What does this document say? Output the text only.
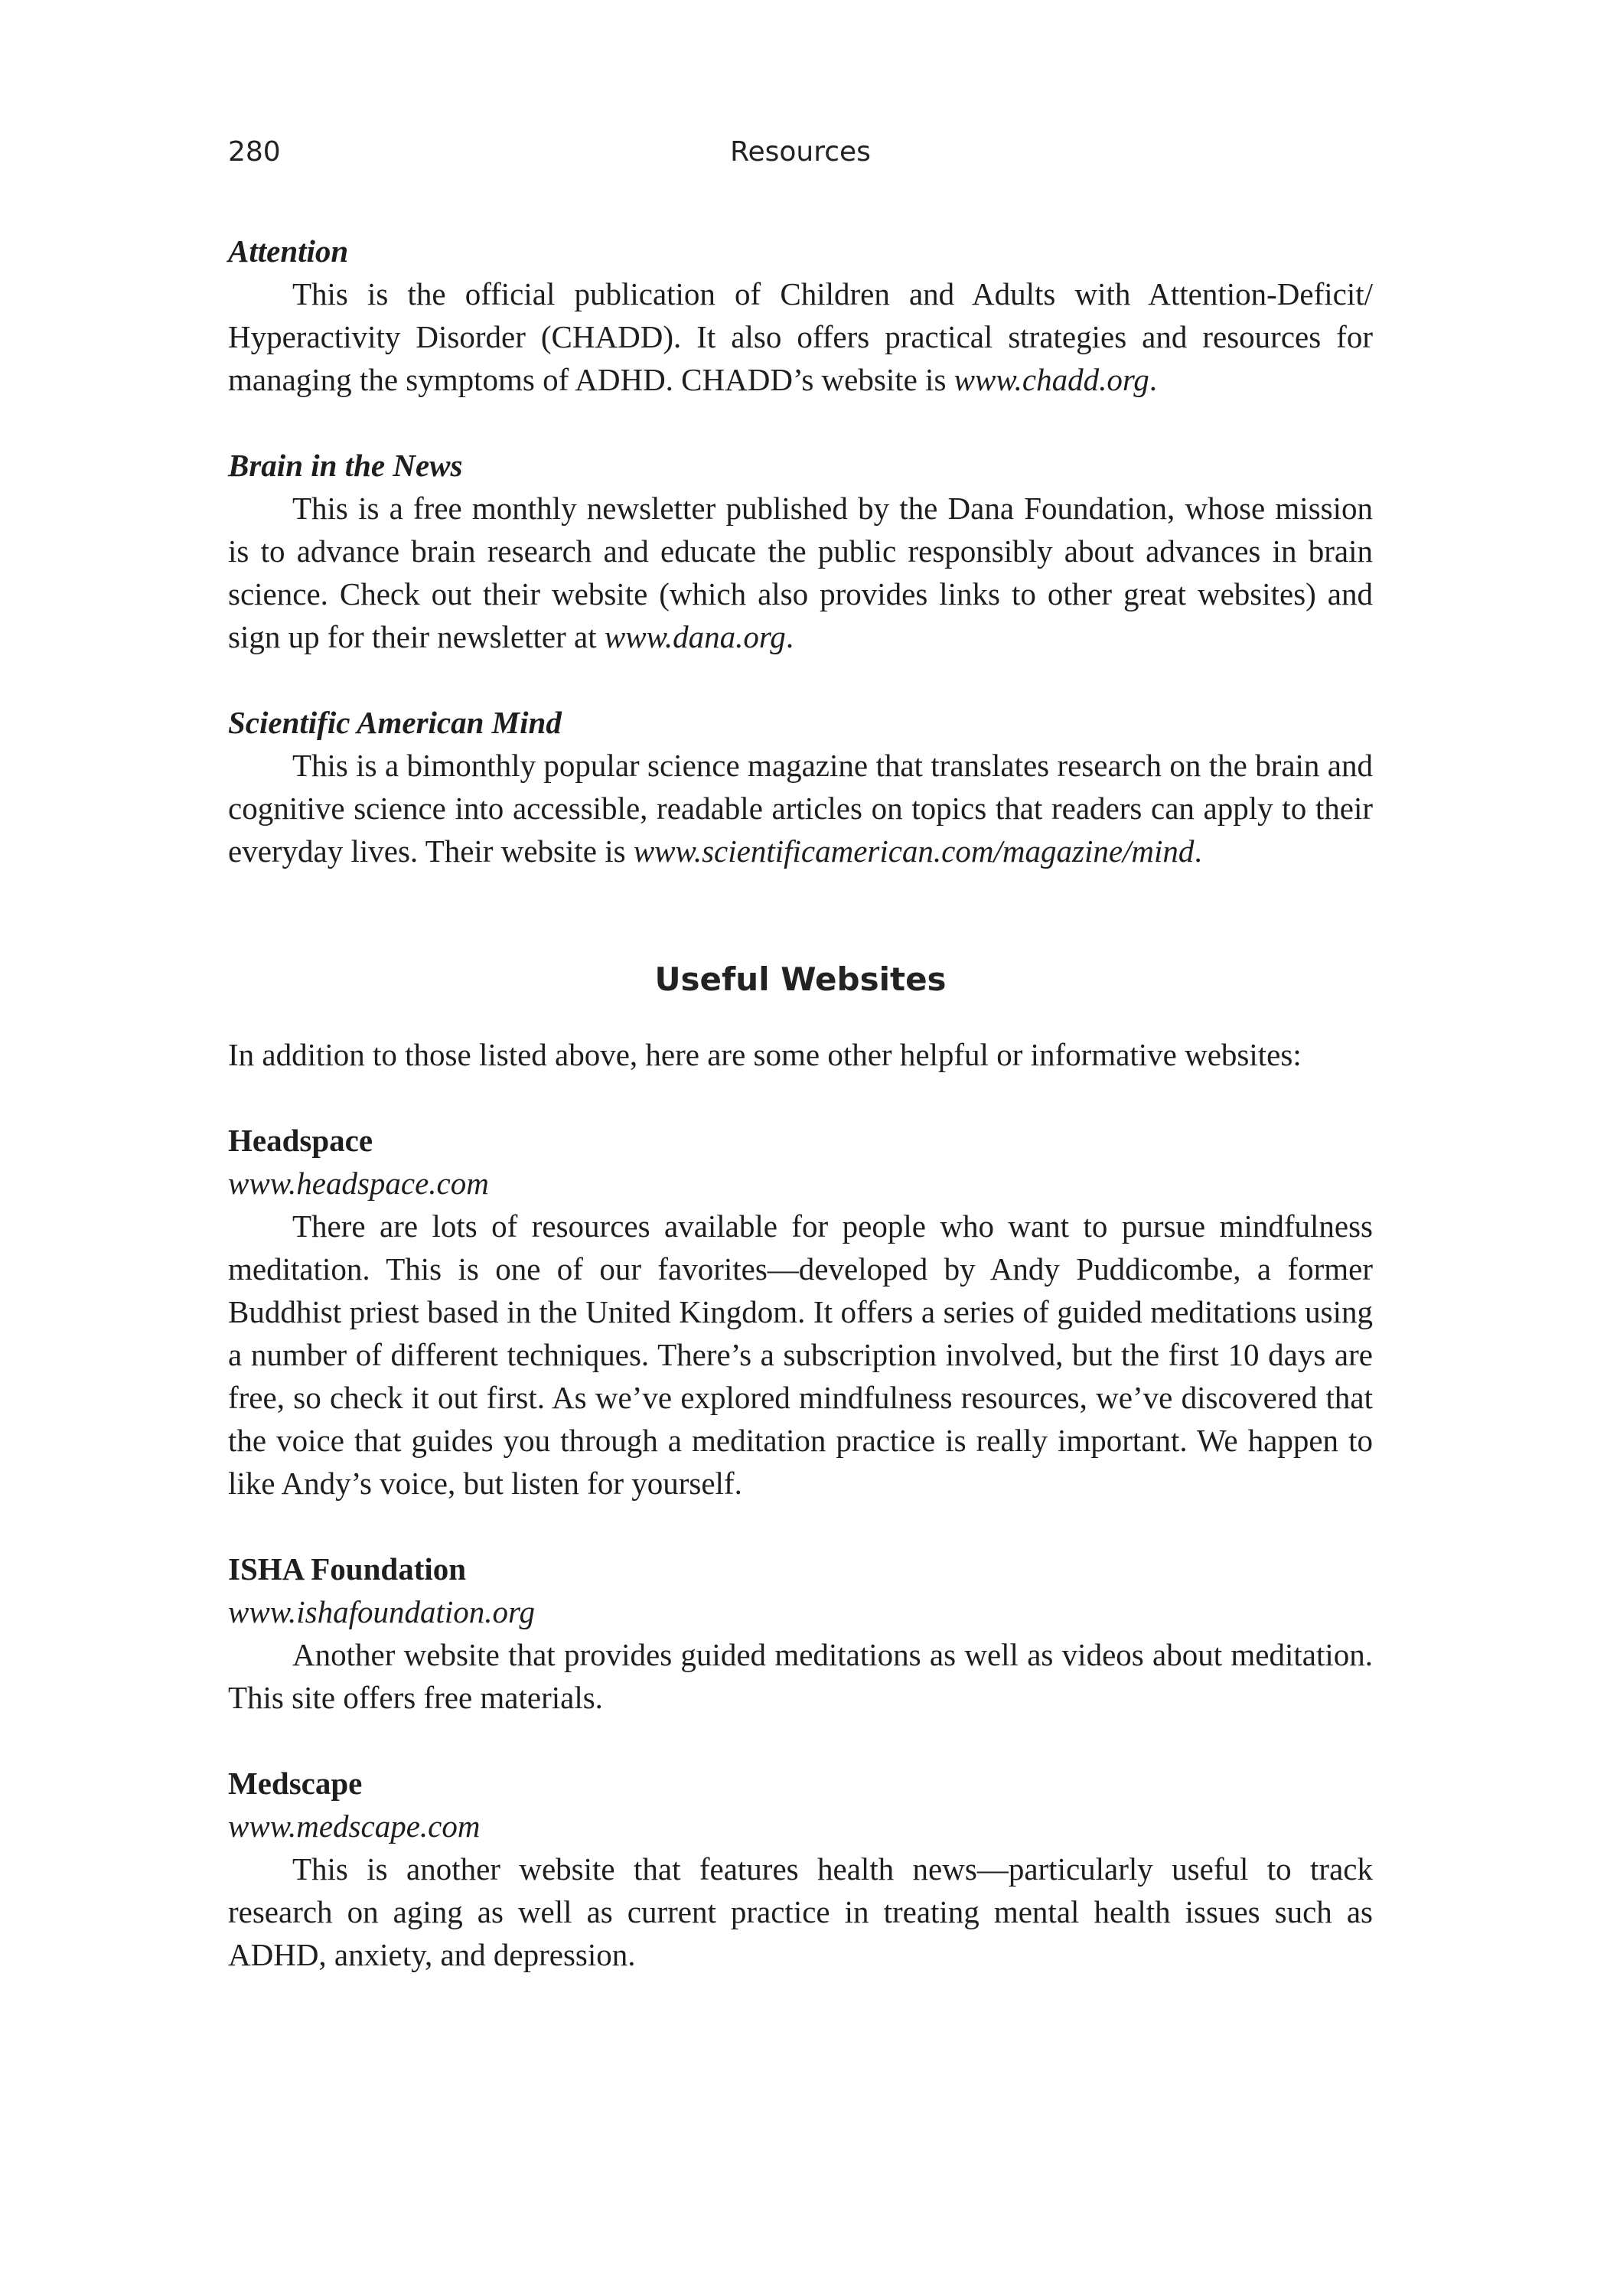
280	Resources

Attention

This is the official publication of Children and Adults with Attention-Deficit/ Hyperactivity Disorder (CHADD). It also offers practical strategies and resources for managing the symptoms of ADHD. CHADD’s website is www.chadd.org.

Brain in the News

This is a free monthly newsletter published by the Dana Foundation, whose mission is to advance brain research and educate the public responsibly about advances in brain science. Check out their website (which also provides links to other great websites) and sign up for their newsletter at www.dana.org.

Scientific American Mind

This is a bimonthly popular science magazine that translates research on the brain and cognitive science into accessible, readable articles on topics that readers can apply to their everyday lives. Their website is www.scientificamerican.com/magazine/mind.

Useful Websites

In addition to those listed above, here are some other helpful or informative websites:

Headspace

www.headspace.com

There are lots of resources available for people who want to pursue mindfulness meditation. This is one of our favorites—developed by Andy Puddicombe, a former Buddhist priest based in the United Kingdom. It offers a series of guided meditations using a number of different techniques. There’s a subscription involved, but the first 10 days are free, so check it out first. As we’ve explored mindfulness resources, we’ve discovered that the voice that guides you through a meditation practice is really important. We happen to like Andy’s voice, but listen for yourself.

ISHA Foundation

www.ishafoundation.org

Another website that provides guided meditations as well as videos about meditation. This site offers free materials.

Medscape

www.medscape.com

This is another website that features health news—particularly useful to track research on aging as well as current practice in treating mental health issues such as ADHD, anxiety, and depression.
